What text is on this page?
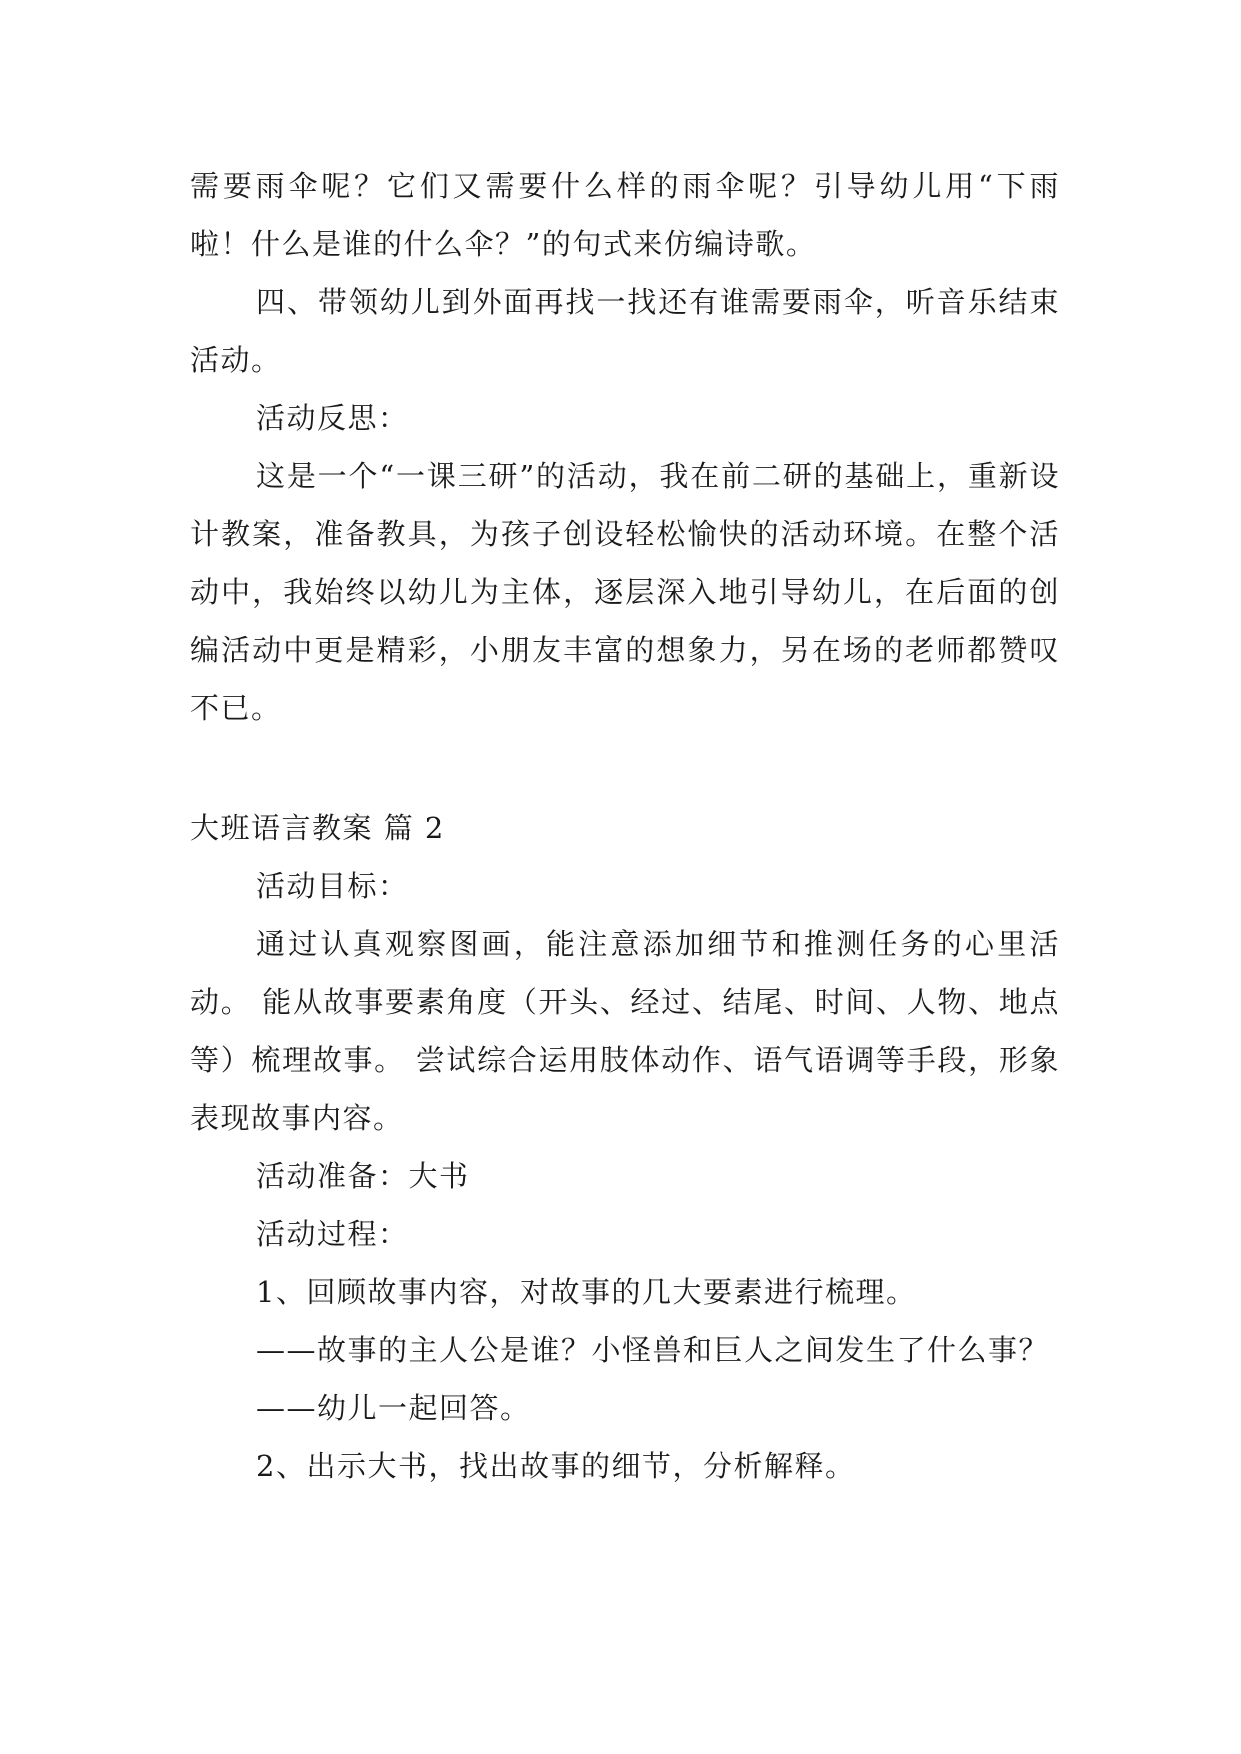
需要雨伞呢？它们又需要什么样的雨伞呢？引导幼儿用“下雨啦！什么是谁的什么伞？”的句式来仿编诗歌。

四、带领幼儿到外面再找一找还有谁需要雨伞，听音乐结束活动。

活动反思：

这是一个“一课三研”的活动，我在前二研的基础上，重新设计教案，准备教具，为孩子创设轻松愉快的活动环境。在整个活动中，我始终以幼儿为主体，逐层深入地引导幼儿，在后面的创编活动中更是精彩，小朋友丰富的想象力，另在场的老师都赞叹不已。

大班语言教案 篇 2

活动目标：

通过认真观察图画，能注意添加细节和推测任务的心里活动。 能从故事要素角度（开头、经过、结尾、时间、人物、地点等）梳理故事。 尝试综合运用肢体动作、语气语调等手段，形象表现故事内容。

活动准备：大书

活动过程：

1、回顾故事内容，对故事的几大要素进行梳理。

——故事的主人公是谁？小怪兽和巨人之间发生了什么事？

——幼儿一起回答。

2、出示大书，找出故事的细节，分析解释。
